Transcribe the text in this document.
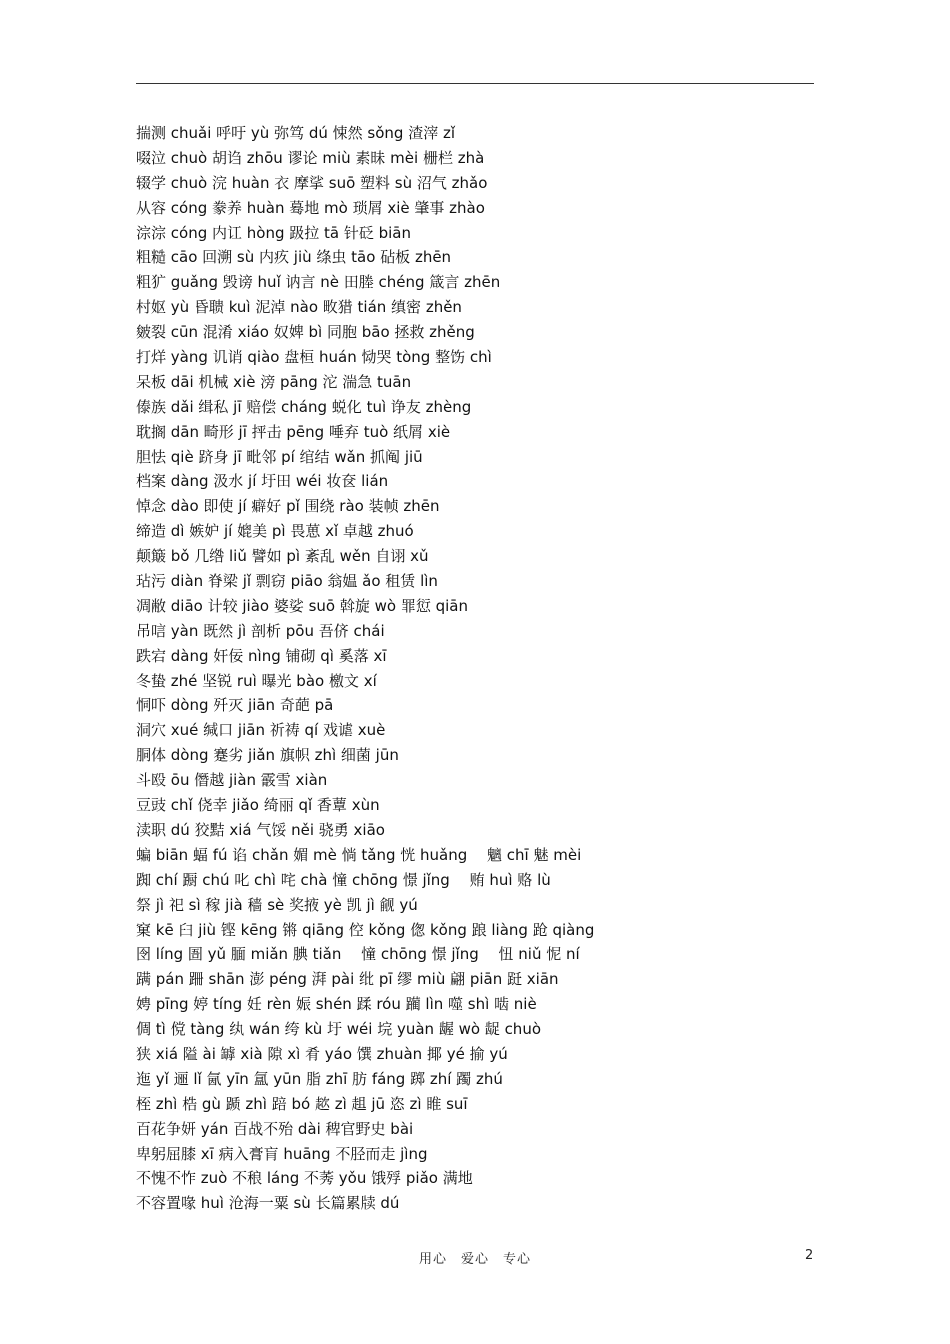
揣测 chuǎi 呼吁 yù 弥笃 dú 悚然 sǒng 渣滓 zǐ
啜泣 chuò 胡诌 zhōu 谬论 miù 素昧 mèi 栅栏 zhà
辍学 chuò 浣 huàn 衣 摩挲 suō 塑料 sù 沼气 zhǎo
从容 cóng 豢养 huàn 蓦地 mò 琐屑 xiè 肇事 zhào
淙淙 cóng 内讧 hòng 趿拉 tā 针砭 biān
粗糙 cāo 回溯 sù 内疚 jiù 绦虫 tāo 砧板 zhēn
粗犷 guǎng 毁谤 huǐ 讷言 nè 田塍 chéng 箴言 zhēn
村妪 yù 昏聩 kuì 泥淖 nào 畋猎 tián 缜密 zhěn
皴裂 cūn 混淆 xiáo 奴婢 bì 同胞 bāo 拯救 zhěng
打烊 yàng 讥诮 qiào 盘桓 huán 恸哭 tòng 整饬 chì
呆板 dāi 机械 xiè 滂 pāng 沱 湍急 tuān
傣族 dǎi 缉私 jī 赔偿 cháng 蜕化 tuì 诤友 zhèng
耽搁 dān 畸形 jī 抨击 pēng 唾弃 tuò 纸屑 xiè
胆怯 qiè 跻身 jī 毗邻 pí 绾结 wǎn 抓阄 jiū
档案 dàng 汲水 jí 圩田 wéi 妆奁 lián
悼念 dào 即使 jí 癖好 pǐ 围绕 rào 装帧 zhēn
缔造 dì 嫉妒 jí 媲美 pì 畏葸 xǐ 卓越 zhuó
颠簸 bǒ 几绺 liǔ 譬如 pì 紊乱 wěn 自诩 xǔ
玷污 diàn 脊梁 jǐ 剽窃 piāo 翁媪 ǎo 租赁 lìn
凋敝 diāo 计较 jiào 婆娑 suō 斡旋 wò 罪愆 qiān
吊唁 yàn 既然 jì 剖析 pōu 吾侪 chái
跌宕 dàng 奸佞 nìng 铺砌 qì 奚落 xī
冬蛰 zhé 坚锐 ruì 曝光 bào 檄文 xí
恫吓 dòng 歼灭 jiān 奇葩 pā
洞穴 xué 缄口 jiān 祈祷 qí 戏谑 xuè
胴体 dòng 蹇劣 jiǎn 旗帜 zhì 细菌 jūn
斗殴 ōu 僭越 jiàn 霰雪 xiàn
豆豉 chǐ 侥幸 jiǎo 绮丽 qǐ 香蕈 xùn
渎职 dú 狡黠 xiá 气馁 něi 骁勇 xiāo
蝙 biān 蝠 fú 谄 chǎn 媚 mè 惝 tǎng 恍 huǎng　 魑 chī 魅 mèi
踟 chí 蹰 chú 叱 chì 咤 chà 憧 chōng 憬 jǐng　 贿 huì 赂 lù
祭 jì 祀 sì 稼 jià 穑 sè 奖掖 yè 凯 jì 觎 yú
窠 kē 臼 jiù 铿 kēng 锵 qiāng 倥 kǒng 偬 kǒng 踉 liàng 跄 qiàng
囹 líng 圄 yǔ 腼 miǎn 腆 tiǎn　 憧 chōng 憬 jǐng　 忸 niǔ 怩 ní
蹒 pán 跚 shān 澎 péng 湃 pài 纰 pī 缪 miù 翩 piān 跹 xiān
娉 pīng 婷 tíng 妊 rèn 娠 shén 蹂 róu 躏 lìn 噬 shì 啮 niè
倜 tì 傥 tàng 纨 wán 绔 kù 圩 wéi 垸 yuàn 龌 wò 龊 chuò
狭 xiá 隘 ài 罅 xià 隙 xì 肴 yáo 馔 zhuàn 揶 yé 揄 yú
迤 yǐ 逦 lǐ 氤 yīn 氲 yūn 脂 zhī 肪 fáng 踯 zhí 躅 zhú
桎 zhì 梏 gù 踬 zhì 踣 bó 趑 zì 趄 jū 恣 zì 睢 suī
百花争妍 yán 百战不殆 dài 稗官野史 bài
卑躬屈膝 xī 病入膏肓 huāng 不胫而走 jìng
不愧不怍 zuò 不稂 láng 不莠 yǒu 饿殍 piǎo 满地
不容置喙 huì 沧海一粟 sù 长篇累牍 dú
用心　爱心　专心	2
